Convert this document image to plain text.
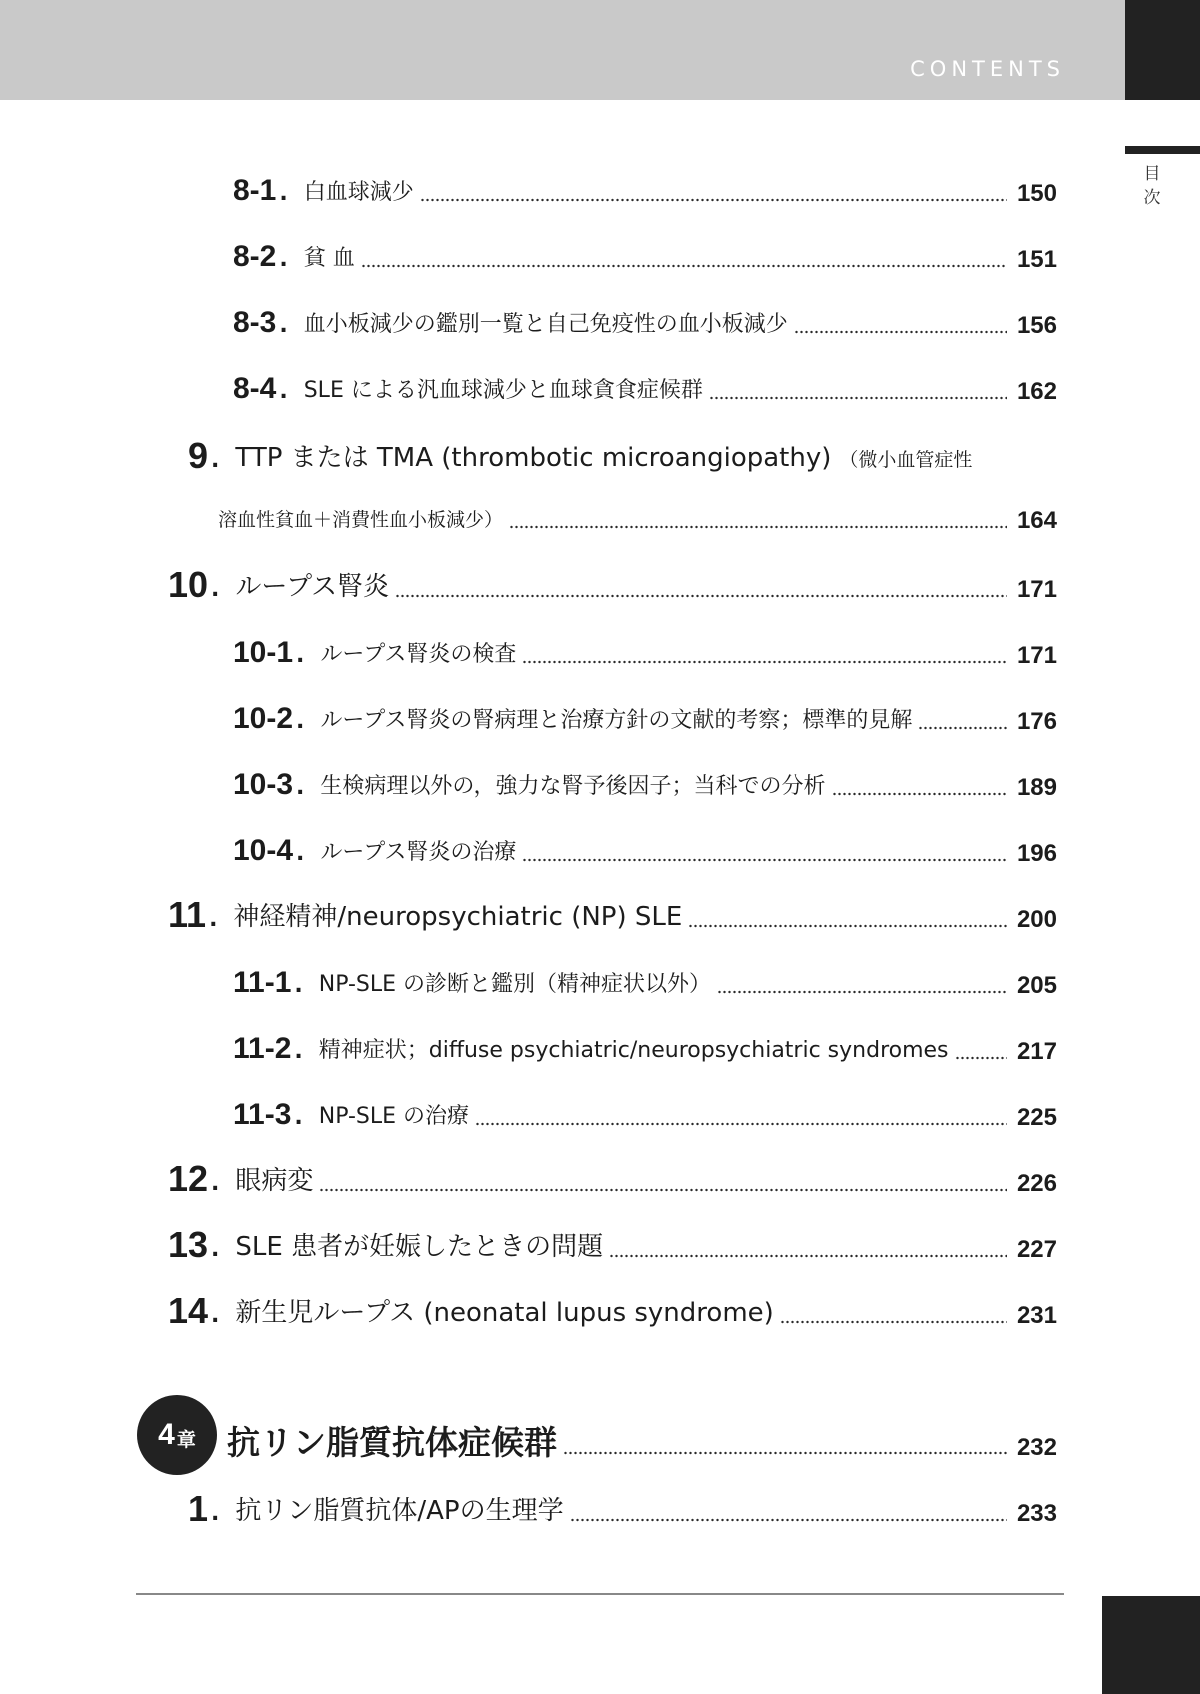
CONTENTS
目
次
8-1 . 白血球減少	150
8-2 . 貧 血	151
8-3 . 血小板減少の鑑別一覧と自己免疫性の血小板減少	156
8-4 . SLE による汎血球減少と血球貪食症候群	162
9 . TTP または TMA (thrombotic microangiopathy) （微小血管症性
溶血性貧血＋消費性血小板減少）	164
10 . ループス腎炎	171
10-1 . ループス腎炎の検査	171
10-2 . ループス腎炎の腎病理と治療方針の文献的考察；標準的見解	176
10-3 . 生検病理以外の，強力な腎予後因子；当科での分析	189
10-4 . ループス腎炎の治療	196
11 . 神経精神/neuropsychiatric (NP) SLE	200
11-1 . NP-SLE の診断と鑑別（精神症状以外）	205
11-2 . 精神症状；diffuse psychiatric/neuropsychiatric syndromes	217
11-3 . NP-SLE の治療	225
12 . 眼病変	226
13 . SLE 患者が妊娠したときの問題	227
14 . 新生児ループス (neonatal lupus syndrome)	231
4 章 抗リン脂質抗体症候群	232
1 . 抗リン脂質抗体/APの生理学	233
